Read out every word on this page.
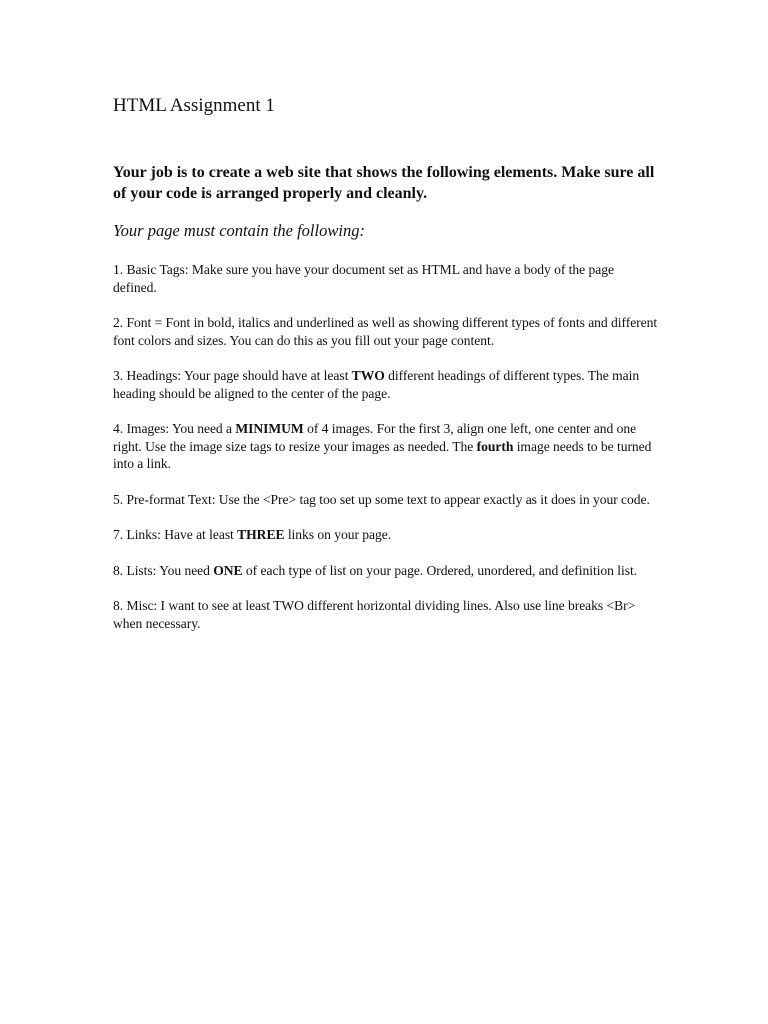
HTML Assignment 1

Your job is to create a web site that shows the following elements. Make sure all of your code is arranged properly and cleanly.

Your page must contain the following:

1. Basic Tags: Make sure you have your document set as HTML and have a body of the page defined.

2. Font = Font in bold, italics and underlined as well as showing different types of fonts and different font colors and sizes. You can do this as you fill out your page content.

3. Headings: Your page should have at least TWO different headings of different types. The main heading should be aligned to the center of the page.

4. Images: You need a MINIMUM of 4 images. For the first 3, align one left, one center and one right. Use the image size tags to resize your images as needed. The fourth image needs to be turned into a link.

5. Pre-format Text: Use the <Pre> tag too set up some text to appear exactly as it does in your code.

7. Links: Have at least THREE links on your page.

8. Lists: You need ONE of each type of list on your page. Ordered, unordered, and definition list.

8. Misc: I want to see at least TWO different horizontal dividing lines. Also use line breaks <Br> when necessary.
